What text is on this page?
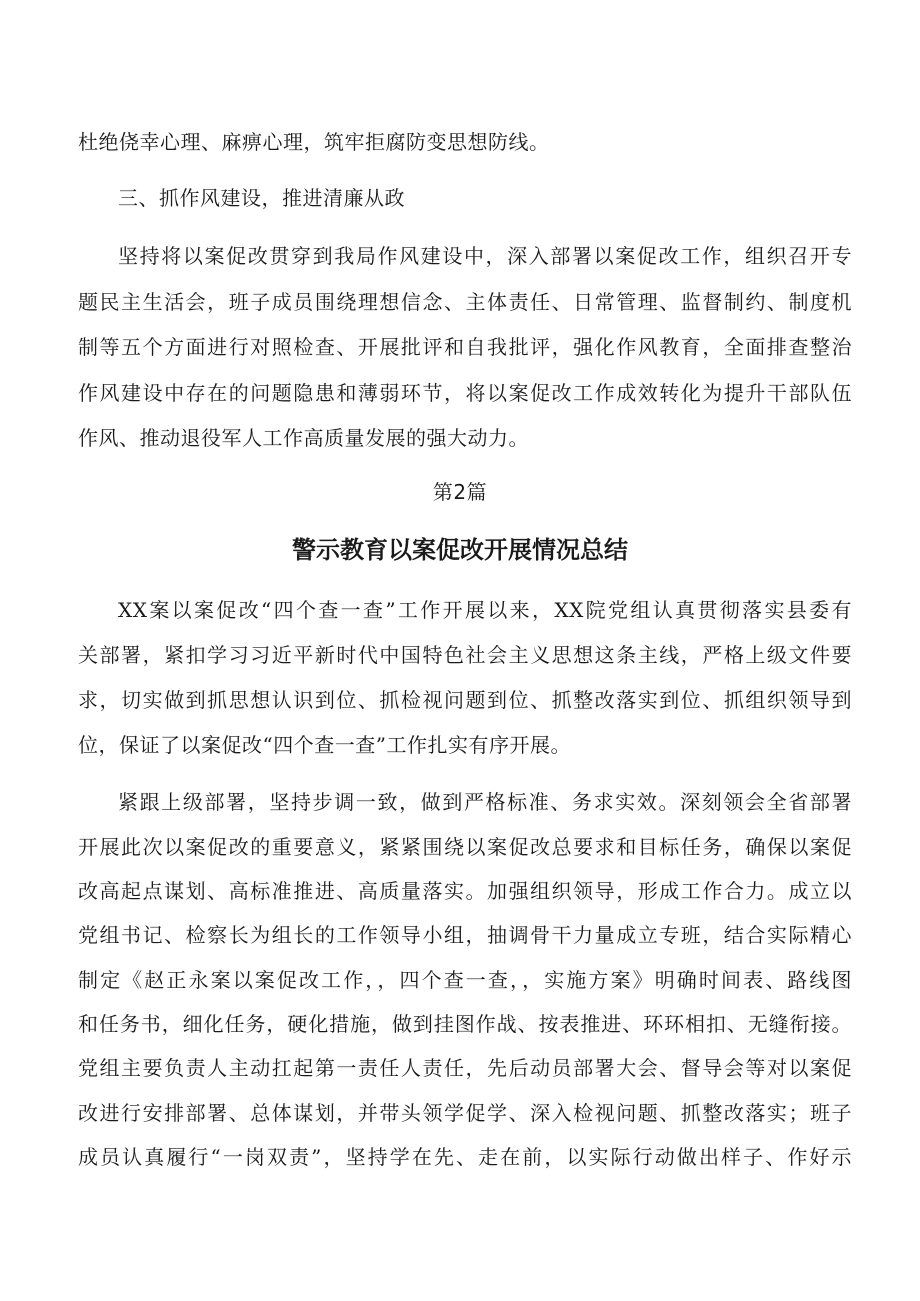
杜绝侥幸心理、麻痹心理，筑牢拒腐防变思想防线。
三、抓作风建设，推进清廉从政
坚持将以案促改贯穿到我局作风建设中，深入部署以案促改工作，组织召开专
题民主生活会，班子成员围绕理想信念、主体责任、日常管理、监督制约、制度机
制等五个方面进行对照检查、开展批评和自我批评，强化作风教育，全面排查整治
作风建设中存在的问题隐患和薄弱环节，将以案促改工作成效转化为提升干部队伍
作风、推动退役军人工作高质量发展的强大动力。
第2篇
警示教育以案促改开展情况总结
XX案以案促改“四个查一查”工作开展以来，XX院党组认真贯彻落实县委有
关部署，紧扣学习习近平新时代中国特色社会主义思想这条主线，严格上级文件要
求，切实做到抓思想认识到位、抓检视问题到位、抓整改落实到位、抓组织领导到
位，保证了以案促改“四个查一查”工作扎实有序开展。
紧跟上级部署，坚持步调一致，做到严格标准、务求实效。深刻领会全省部署
开展此次以案促改的重要意义，紧紧围绕以案促改总要求和目标任务，确保以案促
改高起点谋划、高标准推进、高质量落实。加强组织领导，形成工作合力。成立以
党组书记、检察长为组长的工作领导小组，抽调骨干力量成立专班，结合实际精心
制定《赵正永案以案促改工作，，四个查一查，，实施方案》明确时间表、路线图
和任务书，细化任务，硬化措施，做到挂图作战、按表推进、环环相扣、无缝衔接。
党组主要负责人主动扛起第一责任人责任，先后动员部署大会、督导会等对以案促
改进行安排部署、总体谋划，并带头领学促学、深入检视问题、抓整改落实；班子
成员认真履行“一岗双责”，坚持学在先、走在前，以实际行动做出样子、作好示
